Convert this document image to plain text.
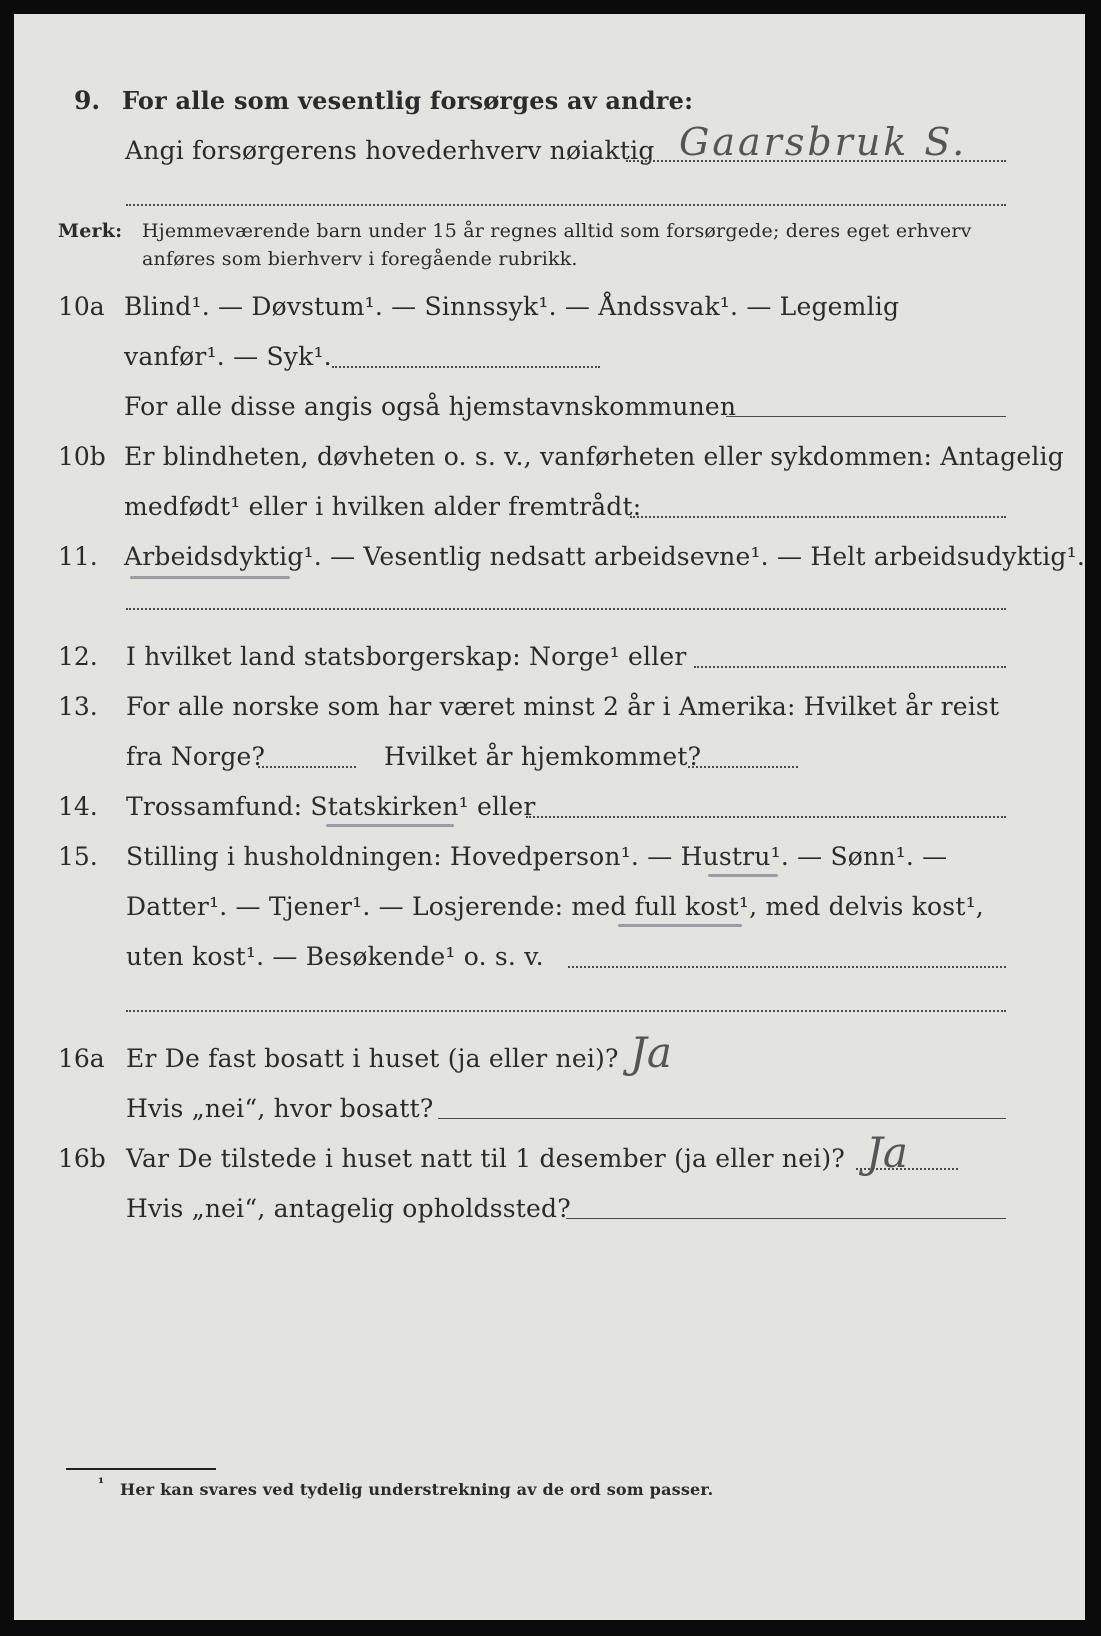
9. For alle som vesentlig forsørges av andre:
Angi forsørgerens hovederhverv nøiaktig Gaarsbruk S.
Merk: Hjemmeværende barn under 15 år regnes alltid som forsørgede; deres eget erhverv
anføres som bierhverv i foregående rubrikk.
10a Blind¹. — Døvstum¹. — Sinnssyk¹. — Åndssvak¹. — Legemlig
vanfør¹. — Syk¹.
For alle disse angis også hjemstavnskommunen
10b Er blindheten, døvheten o. s. v., vanførheten eller sykdommen: Antagelig
medfødt¹ eller i hvilken alder fremtrådt:
11. Arbeidsdyktig¹. — Vesentlig nedsatt arbeidsevne¹. — Helt arbeidsudyktig¹.
12. I hvilket land statsborgerskap: Norge¹ eller
13. For alle norske som har været minst 2 år i Amerika: Hvilket år reist
fra Norge?	Hvilket år hjemkommet?
14. Trossamfund: Statskirken¹ eller
15. Stilling i husholdningen: Hovedperson¹. — Hustru¹. — Sønn¹. —
Datter¹. — Tjener¹. — Losjerende: med full kost¹, med delvis kost¹,
uten kost¹. — Besøkende¹ o. s. v.
16a Er De fast bosatt i huset (ja eller nei)? Ja
Hvis „nei“, hvor bosatt?
16b Var De tilstede i huset natt til 1 desember (ja eller nei)? Ja
Hvis „nei“, antagelig opholdssted?
¹ Her kan svares ved tydelig understrekning av de ord som passer.
